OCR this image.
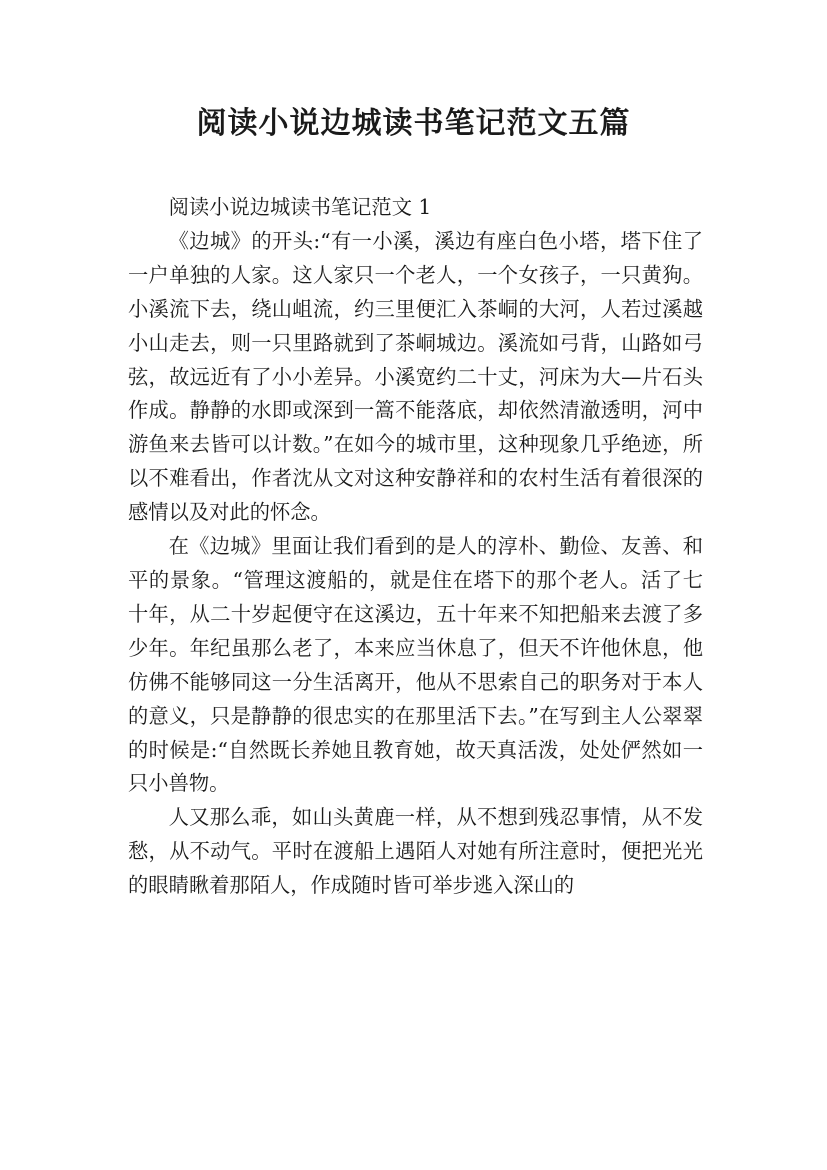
阅读小说边城读书笔记范文五篇

阅读小说边城读书笔记范文 1

《边城》的开头:“有一小溪，溪边有座白色小塔，塔下住了一户单独的人家。这人家只一个老人，一个女孩子，一只黄狗。小溪流下去，绕山岨流，约三里便汇入茶峒的大河，人若过溪越小山走去，则一只里路就到了茶峒城边。溪流如弓背，山路如弓弦，故远近有了小小差异。小溪宽约二十丈，河床为大—片石头作成。静静的水即或深到一篙不能落底，却依然清澈透明，河中游鱼来去皆可以计数。”在如今的城市里，这种现象几乎绝迹，所以不难看出，作者沈从文对这种安静祥和的农村生活有着很深的感情以及对此的怀念。

在《边城》里面让我们看到的是人的淳朴、勤俭、友善、和平的景象。“管理这渡船的，就是住在塔下的那个老人。活了七十年，从二十岁起便守在这溪边，五十年来不知把船来去渡了多少年。年纪虽那么老了，本来应当休息了，但天不许他休息，他仿佛不能够同这一分生活离开，他从不思索自己的职务对于本人的意义，只是静静的很忠实的在那里活下去。”在写到主人公翠翠的时候是:“自然既长养她且教育她，故天真活泼，处处俨然如一只小兽物。

人又那么乖，如山头黄鹿一样，从不想到残忍事情，从不发愁，从不动气。平时在渡船上遇陌人对她有所注意时，便把光光的眼睛瞅着那陌人，作成随时皆可举步逃入深山的
